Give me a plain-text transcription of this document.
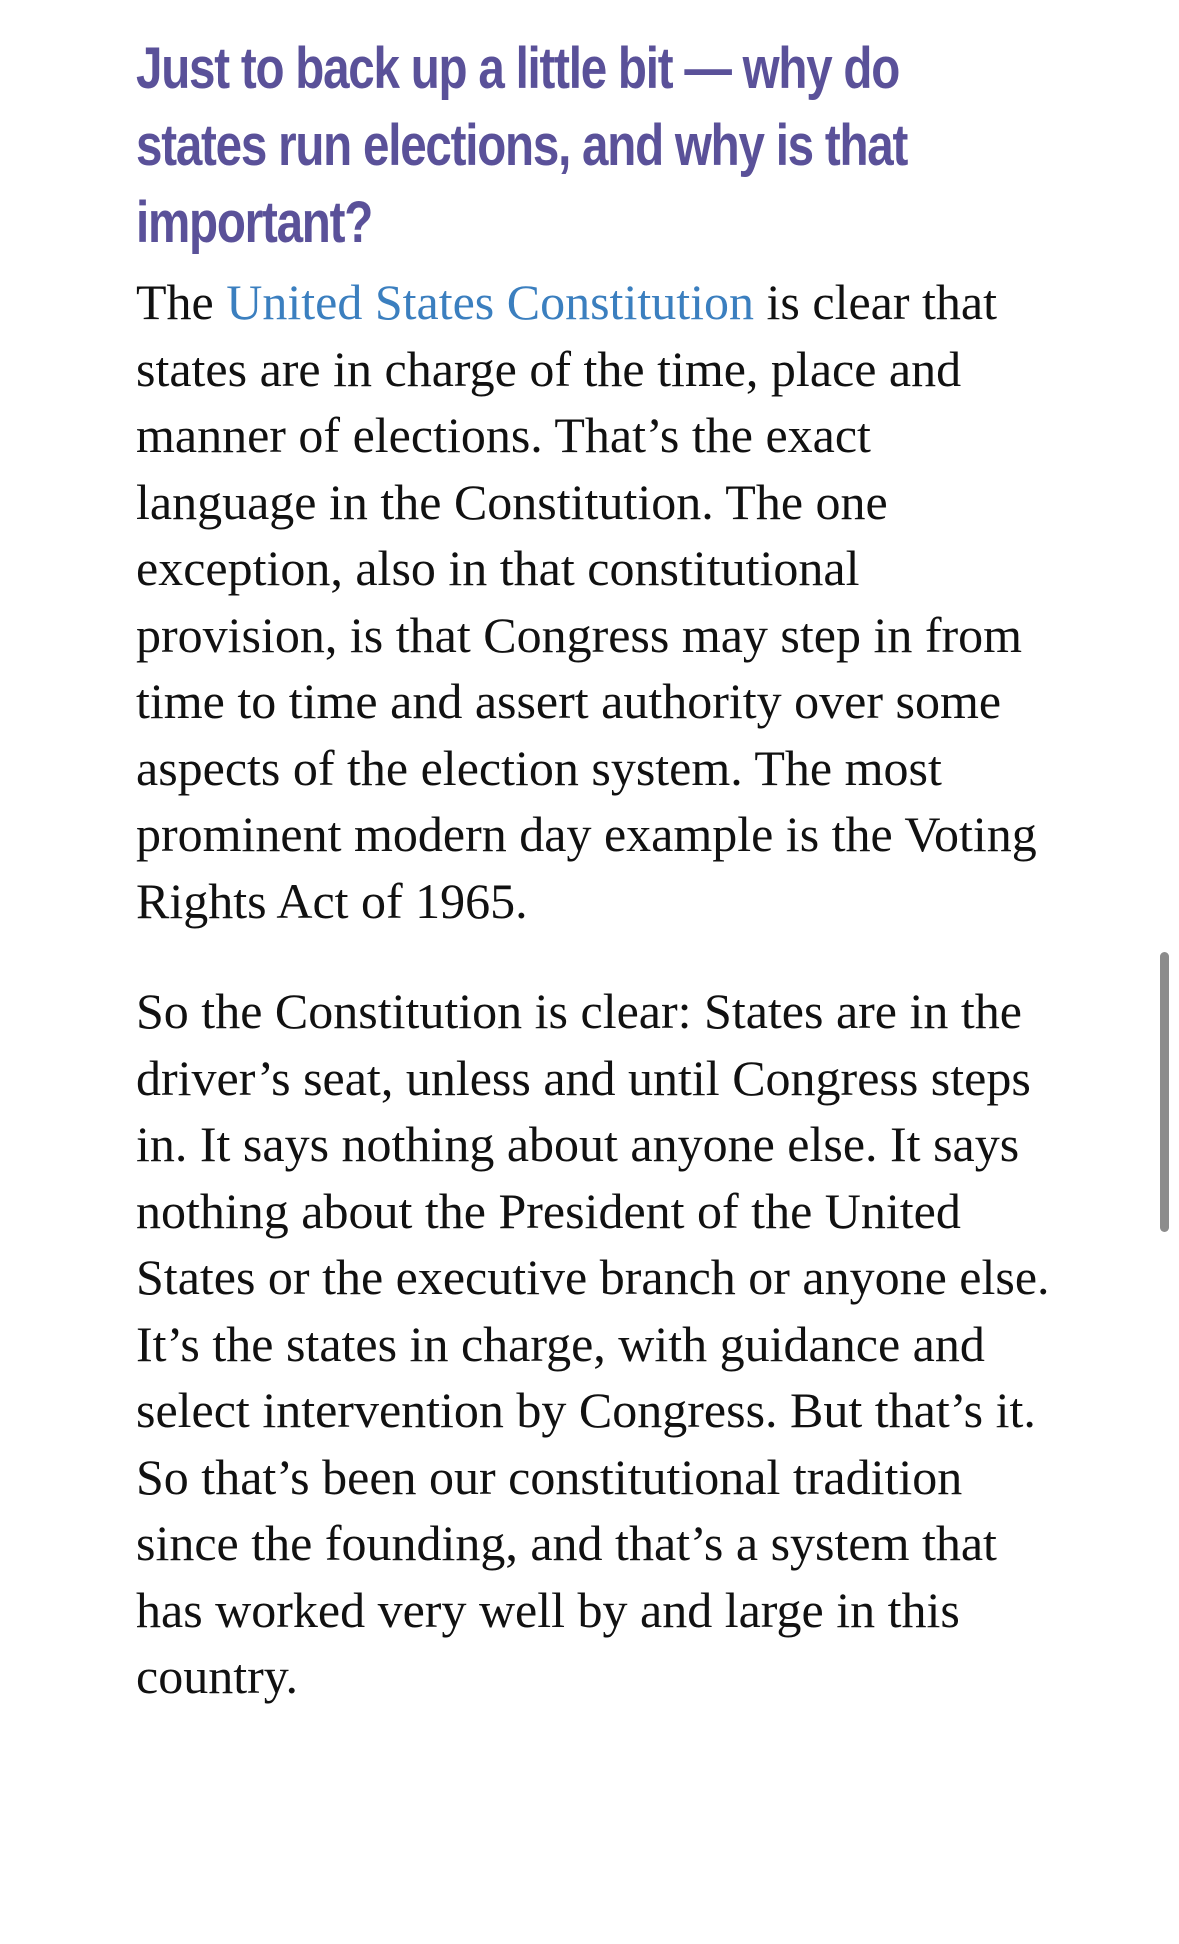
Just to back up a little bit — why do
states run elections, and why is that
important?

The United States Constitution is clear that states are in charge of the time, place and manner of elections. That’s the exact language in the Constitution. The one exception, also in that constitutional provision, is that Congress may step in from time to time and assert authority over some aspects of the election system. The most prominent modern day example is the Voting Rights Act of 1965.

So the Constitution is clear: States are in the driver’s seat, unless and until Congress steps in. It says nothing about anyone else. It says nothing about the President of the United States or the executive branch or anyone else. It’s the states in charge, with guidance and select intervention by Congress. But that’s it. So that’s been our constitutional tradition since the founding, and that’s a system that has worked very well by and large in this country.
